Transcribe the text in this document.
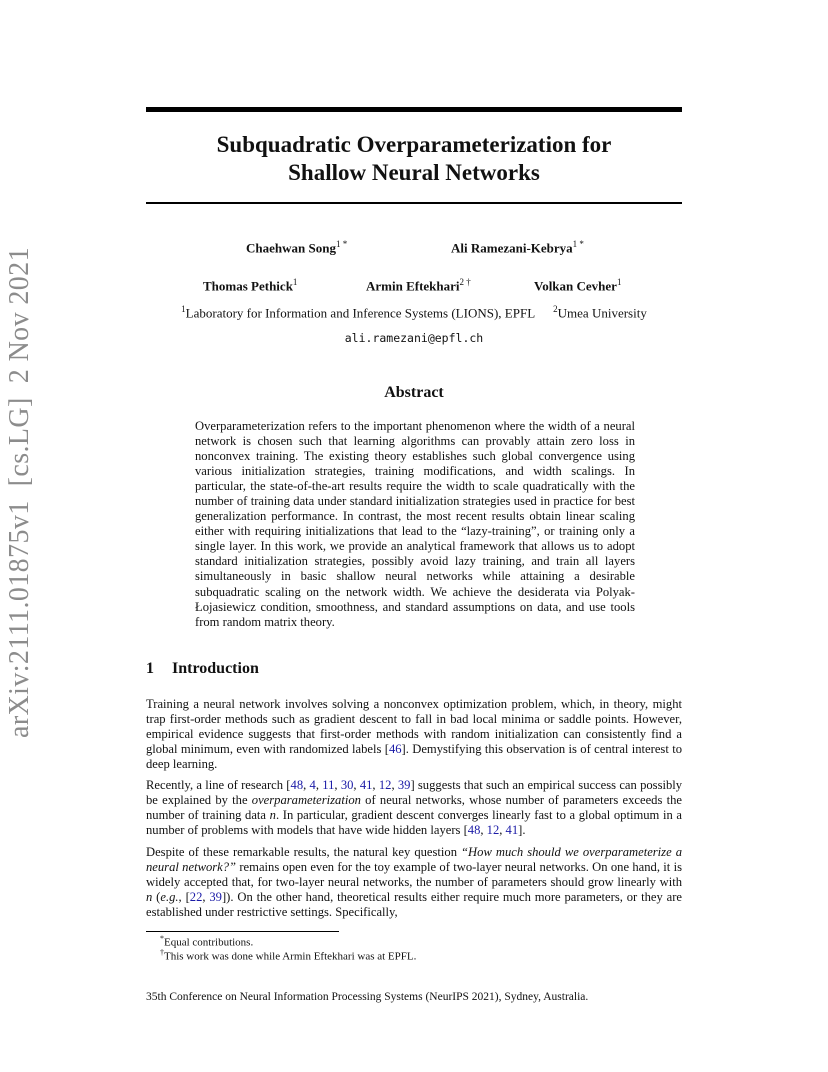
arXiv:2111.01875v1[cs.LG]2 Nov 2021
Subquadratic Overparameterization for
Shallow Neural Networks
Chaehwan Song$^{1 *}$	Ali Ramezani-Kebrya$^{1 *}$
Thomas Pethick$^1$	Armin Eftekhari$^{2 \dagger}$	Volkan Cevher$^1$
$^1$Laboratory for Information and Inference Systems (LIONS), EPFL $^2$Umea University
ali.ramezani@epfl.ch
Abstract
Overparameterization refers to the important phenomenon where the width of a neural network is chosen such that learning algorithms can provably attain zero loss in nonconvex training. The existing theory establishes such global convergence using various initialization strategies, training modifications, and width scalings. In particular, the state-of-the-art results require the width to scale quadratically with the number of training data under standard initialization strategies used in practice for best generalization performance. In contrast, the most recent results obtain linear scaling either with requiring initializations that lead to the “lazy-training”, or training only a single layer. In this work, we provide an analytical framework that allows us to adopt standard initialization strategies, possibly avoid lazy training, and train all layers simultaneously in basic shallow neural networks while attaining a desirable subquadratic scaling on the network width. We achieve the desiderata via Polyak-Łojasiewicz condition, smoothness, and standard assumptions on data, and use tools from random matrix theory.
1 Introduction
Training a neural network involves solving a nonconvex optimization problem, which, in theory, might trap first-order methods such as gradient descent to fall in bad local minima or saddle points. However, empirical evidence suggests that first-order methods with random initialization can consistently find a global minimum, even with randomized labels [46]. Demystifying this observation is of central interest to deep learning.
Recently, a line of research [48, 4, 11, 30, 41, 12, 39] suggests that such an empirical success can possibly be explained by the overparameterization of neural networks, whose number of parameters exceeds the number of training data n. In particular, gradient descent converges linearly fast to a global optimum in a number of problems with models that have wide hidden layers [48, 12, 41].
Despite of these remarkable results, the natural key question “How much should we overparameterize a neural network?” remains open even for the toy example of two-layer neural networks. On one hand, it is widely accepted that, for two-layer neural networks, the number of parameters should grow linearly with n (e.g., [22, 39]). On the other hand, theoretical results either require much more parameters, or they are established under restrictive settings. Specifically,
*Equal contributions.
†This work was done while Armin Eftekhari was at EPFL.
35th Conference on Neural Information Processing Systems (NeurIPS 2021), Sydney, Australia.
